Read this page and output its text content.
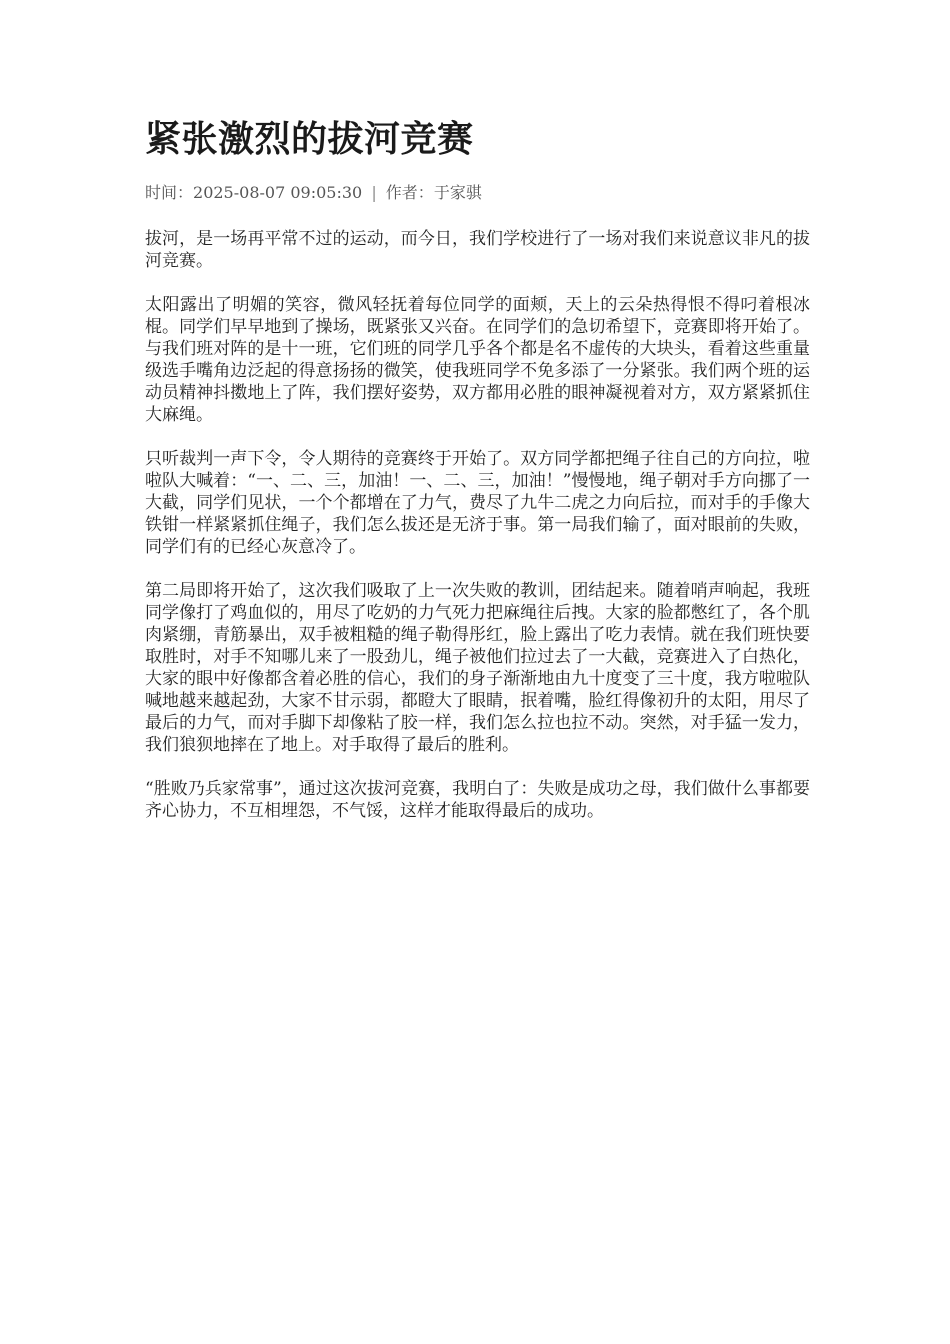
紧张激烈的拔河竞赛
时间：2025-08-07 09:05:30 | 作者：于家骐

拔河，是一场再平常不过的运动，而今日，我们学校进行了一场对我们来说意议非凡的拔河竞赛。

太阳露出了明媚的笑容，微风轻抚着每位同学的面颊，天上的云朵热得恨不得叼着根冰棍。同学们早早地到了操场，既紧张又兴奋。在同学们的急切希望下，竞赛即将开始了。与我们班对阵的是十一班，它们班的同学几乎各个都是名不虚传的大块头，看着这些重量级选手嘴角边泛起的得意扬扬的微笑，使我班同学不免多添了一分紧张。我们两个班的运动员精神抖擞地上了阵，我们摆好姿势，双方都用必胜的眼神凝视着对方，双方紧紧抓住大麻绳。

只听裁判一声下令，令人期待的竞赛终于开始了。双方同学都把绳子往自己的方向拉，啦啦队大喊着：“一、二、三，加油！一、二、三，加油！”慢慢地，绳子朝对手方向挪了一大截，同学们见状，一个个都增在了力气，费尽了九牛二虎之力向后拉，而对手的手像大铁钳一样紧紧抓住绳子，我们怎么拔还是无济于事。第一局我们输了，面对眼前的失败，同学们有的已经心灰意冷了。

第二局即将开始了，这次我们吸取了上一次失败的教训，团结起来。随着哨声响起，我班同学像打了鸡血似的，用尽了吃奶的力气死力把麻绳往后拽。大家的脸都憋红了，各个肌肉紧绷，青筋暴出，双手被粗糙的绳子勒得彤红，脸上露出了吃力表情。就在我们班快要取胜时，对手不知哪儿来了一股劲儿，绳子被他们拉过去了一大截，竞赛进入了白热化，大家的眼中好像都含着必胜的信心，我们的身子渐渐地由九十度变了三十度，我方啦啦队喊地越来越起劲，大家不甘示弱，都瞪大了眼睛，抿着嘴，脸红得像初升的太阳，用尽了最后的力气，而对手脚下却像粘了胶一样，我们怎么拉也拉不动。突然，对手猛一发力，我们狼狈地摔在了地上。对手取得了最后的胜利。

“胜败乃兵家常事”，通过这次拔河竞赛，我明白了：失败是成功之母，我们做什么事都要齐心协力，不互相埋怨，不气馁，这样才能取得最后的成功。
